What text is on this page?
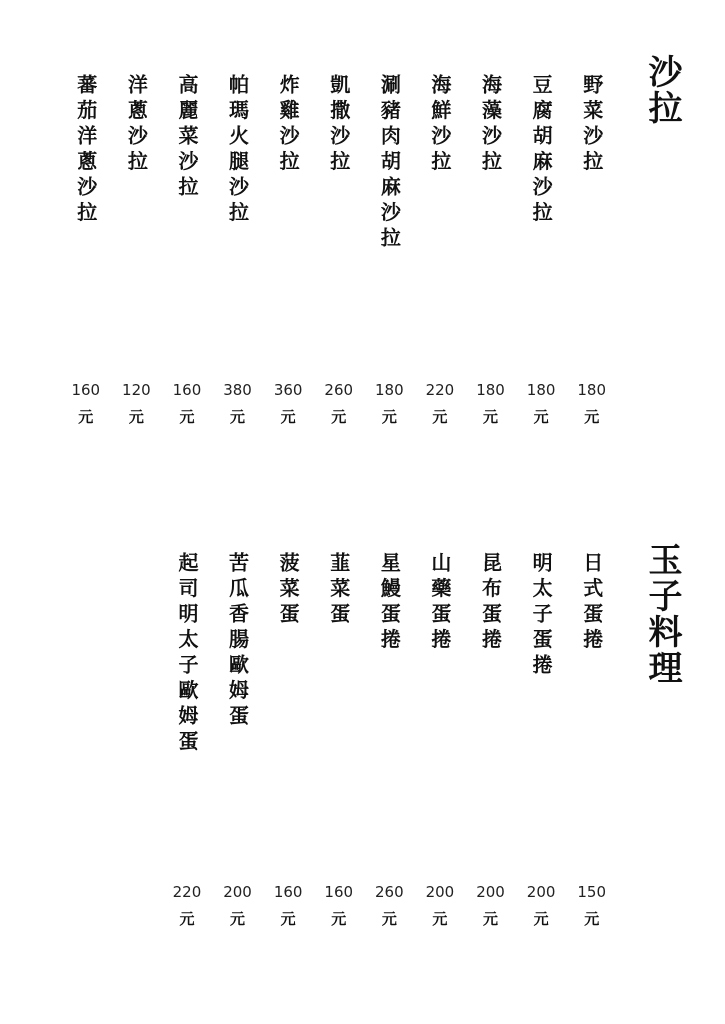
沙拉
野菜沙拉
180
元
豆腐胡麻沙拉
180
元
海藻沙拉
180
元
海鮮沙拉
220
元
涮豬肉胡麻沙拉
180
元
凱撒沙拉
260
元
炸雞沙拉
360
元
帕瑪火腿沙拉
380
元
高麗菜沙拉
160
元
洋蔥沙拉
120
元
蕃茄洋蔥沙拉
160
元
玉子料理
日式蛋捲
150
元
明太子蛋捲
200
元
昆布蛋捲
200
元
山藥蛋捲
200
元
星鰻蛋捲
260
元
韮菜蛋
160
元
菠菜蛋
160
元
苦瓜香腸歐姆蛋
200
元
起司明太子歐姆蛋
220
元
